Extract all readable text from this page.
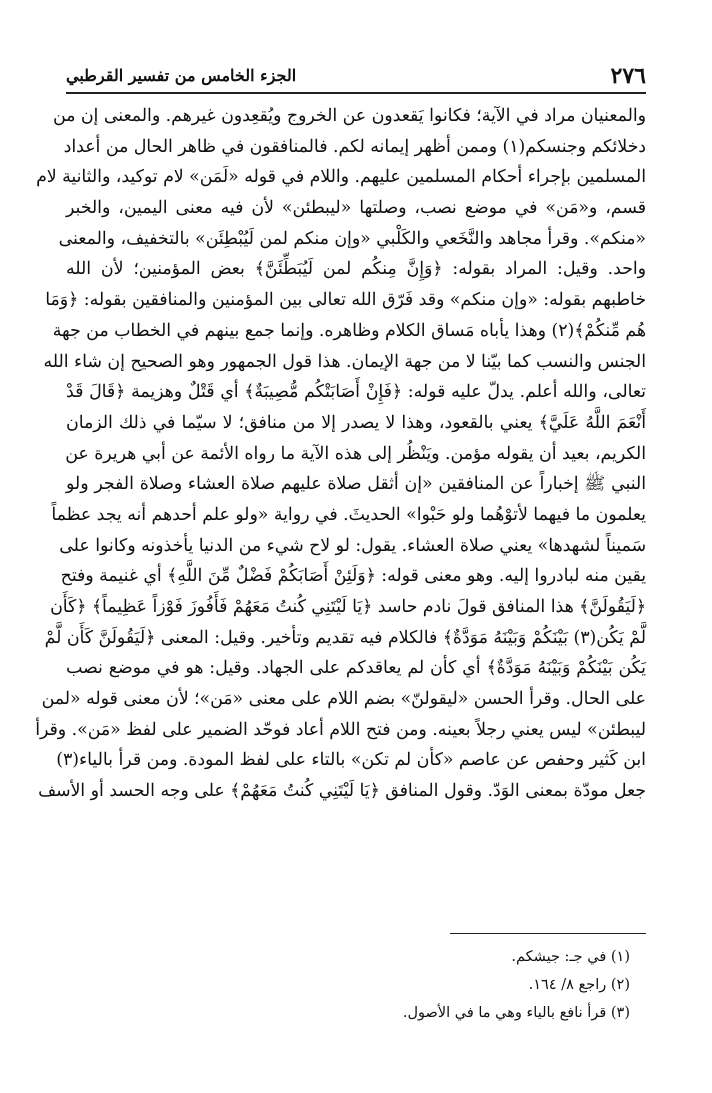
٢٧٦
الجزء الخامس من تفسير القرطبي
والمعنيان مراد في الآية؛ فكانوا يَقعدون عن الخروج ويُقعِدون غيرهم. والمعنى إن من
دخلائكم وجنسكم(١) وممن أظهر إيمانه لكم. فالمنافقون في ظاهر الحال من أعداد
المسلمين بإجراء أحكام المسلمين عليهم. واللام في قوله «لَمَن» لام توكيد، والثانية لام
قسم، و«مَن» في موضع نصب، وصلتها «ليبطئن» لأن فيه معنى اليمين، والخبر
«منكم». وقرأ مجاهد والنَّخَعي والكَلْبي «وإن منكم لمن لَيُبْطِئَن» بالتخفيف، والمعنى
واحد. وقيل: المراد بقوله: ﴿وَإِنَّ مِنكُم لمن لَيُبَطِّئَنَّ﴾ بعض المؤمنين؛ لأن الله
خاطبهم بقوله: «وإن منكم» وقد فَرّق الله تعالى بين المؤمنين والمنافقين بقوله: ﴿وَمَا
هُم مِّنكُمْ﴾(٢) وهذا يأباه مَساق الكلام وظاهره. وإنما جمع بينهم في الخطاب من جهة
الجنس والنسب كما بيّنا لا من جهة الإيمان. هذا قول الجمهور وهو الصحيح إن شاء الله
تعالى، والله أعلم. يدلّ عليه قوله: ﴿فَإِنْ أَصَابَتْكُم مُّصِيبَةٌ﴾ أي قَتْلٌ وهزيمة ﴿قَالَ قَدْ
أَنْعَمَ اللَّهُ عَلَيَّ﴾ يعني بالقعود، وهذا لا يصدر إلا من منافق؛ لا سيّما في ذلك الزمان
الكريم، بعيد أن يقوله مؤمن. ويَنْظُر إلى هذه الآية ما رواه الأئمة عن أبي هريرة عن
النبي ﷺ إخباراً عن المنافقين «إن أثقل صلاة عليهم صلاة العشاء وصلاة الفجر ولو
يعلمون ما فيهما لأتوْهُما ولو حَبْوا» الحديثَ. في رواية «ولو علم أحدهم أنه يجد عظماً
سَميناً لشهدها» يعني صلاة العشاء. يقول: لو لاح شيء من الدنيا يأخذونه وكانوا على
يقين منه لبادروا إليه. وهو معنى قوله: ﴿وَلَئِنْ أَصَابَكُمْ فَضْلٌ مِّنَ اللَّهِ﴾ أي غنيمة وفتح
﴿لَيَقُولَنَّ﴾ هذا المنافق قولَ نادم حاسد ﴿يَا لَيْتَنِي كُنتُ مَعَهُمْ فَأَفُوزَ فَوْزاً عَظِيماً﴾ ﴿كَأَن
لَّمْ يَكُن(٣) بَيْنَكُمْ وَبَيْنَهُ مَوَدَّةٌ﴾ فالكلام فيه تقديم وتأخير. وقيل: المعنى ﴿لَيَقُولَنَّ كَأَن لَّمْ
يَكُن بَيْنَكُمْ وَبَيْنَهُ مَوَدَّةٌ﴾ أي كأن لم يعاقدكم على الجهاد. وقيل: هو في موضع نصب
على الحال. وقرأ الحسن «ليقولنّ» بضم اللام على معنى «مَن»؛ لأن معنى قوله «لمن
ليبطئن» ليس يعني رجلاً بعينه. ومن فتح اللام أعاد فوحّد الضمير على لفظ «مَن». وقرأ
ابن كَثير وحفص عن عاصم «كأن لم تكن» بالتاء على لفظ المودة. ومن قرأ بالياء(٣)
جعل مودّة بمعنى الوَدّ. وقول المنافق ﴿يَا لَيْتَنِي كُنتُ مَعَهُمْ﴾ على وجه الحسد أو الأسف
(١) في جـ: جيشكم.
(٢) راجع ٨/ ١٦٤.
(٣) قرأ نافع بالياء وهي ما في الأصول.
